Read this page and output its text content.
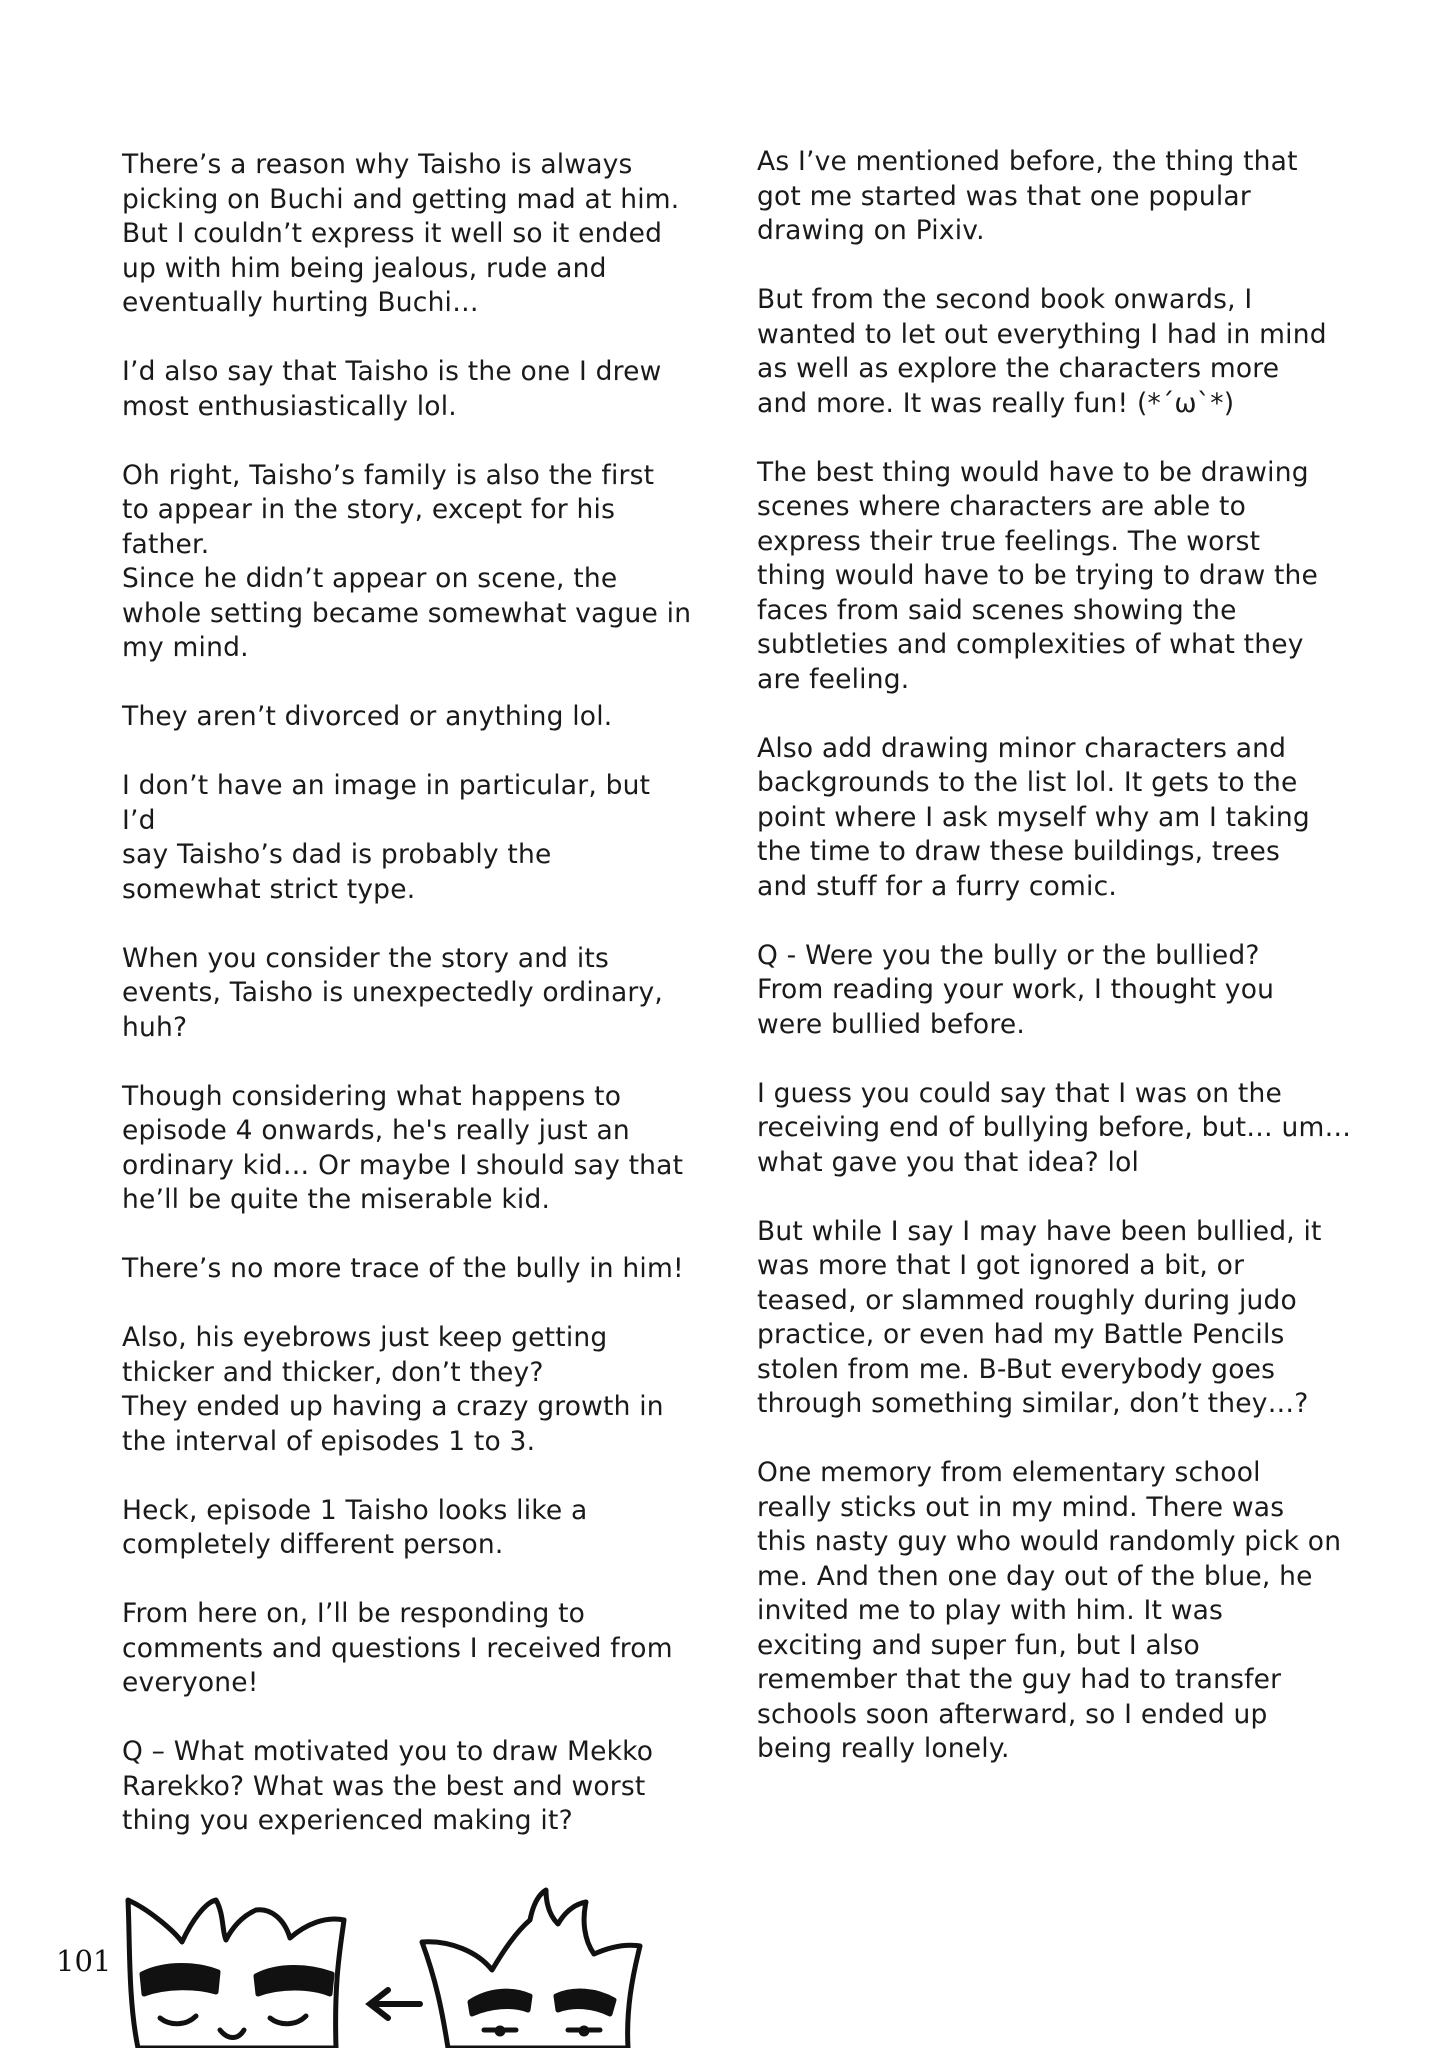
There’s a reason why Taisho is always
picking on Buchi and getting mad at him.
But I couldn’t express it well so it ended
up with him being jealous, rude and
eventually hurting Buchi…

I’d also say that Taisho is the one I drew
most enthusiastically lol.

Oh right, Taisho’s family is also the first
to appear in the story, except for his
father.
Since he didn’t appear on scene, the
whole setting became somewhat vague in
my mind.

They aren’t divorced or anything lol.

I don’t have an image in particular, but I’d
say Taisho’s dad is probably the
somewhat strict type.

When you consider the story and its
events, Taisho is unexpectedly ordinary,
huh?

Though considering what happens to
episode 4 onwards, he's really just an
ordinary kid… Or maybe I should say that
he’ll be quite the miserable kid.

There’s no more trace of the bully in him!

Also, his eyebrows just keep getting
thicker and thicker, don’t they?
They ended up having a crazy growth in
the interval of episodes 1 to 3.

Heck, episode 1 Taisho looks like a
completely different person.

From here on, I’ll be responding to
comments and questions I received from
everyone!

Q – What motivated you to draw Mekko
Rarekko? What was the best and worst
thing you experienced making it?

As I’ve mentioned before, the thing that
got me started was that one popular
drawing on Pixiv.

But from the second book onwards, I
wanted to let out everything I had in mind
as well as explore the characters more
and more. It was really fun! (*´ω`*)

The best thing would have to be drawing
scenes where characters are able to
express their true feelings. The worst
thing would have to be trying to draw the
faces from said scenes showing the
subtleties and complexities of what they
are feeling.

Also add drawing minor characters and
backgrounds to the list lol. It gets to the
point where I ask myself why am I taking
the time to draw these buildings, trees
and stuff for a furry comic.

Q - Were you the bully or the bullied?
From reading your work, I thought you
were bullied before.

I guess you could say that I was on the
receiving end of bullying before, but… um…
what gave you that idea? lol

But while I say I may have been bullied, it
was more that I got ignored a bit, or
teased, or slammed roughly during judo
practice, or even had my Battle Pencils
stolen from me. B-But everybody goes
through something similar, don’t they…?

One memory from elementary school
really sticks out in my mind. There was
this nasty guy who would randomly pick on
me. And then one day out of the blue, he
invited me to play with him. It was
exciting and super fun, but I also
remember that the guy had to transfer
schools soon afterward, so I ended up
being really lonely.

101
